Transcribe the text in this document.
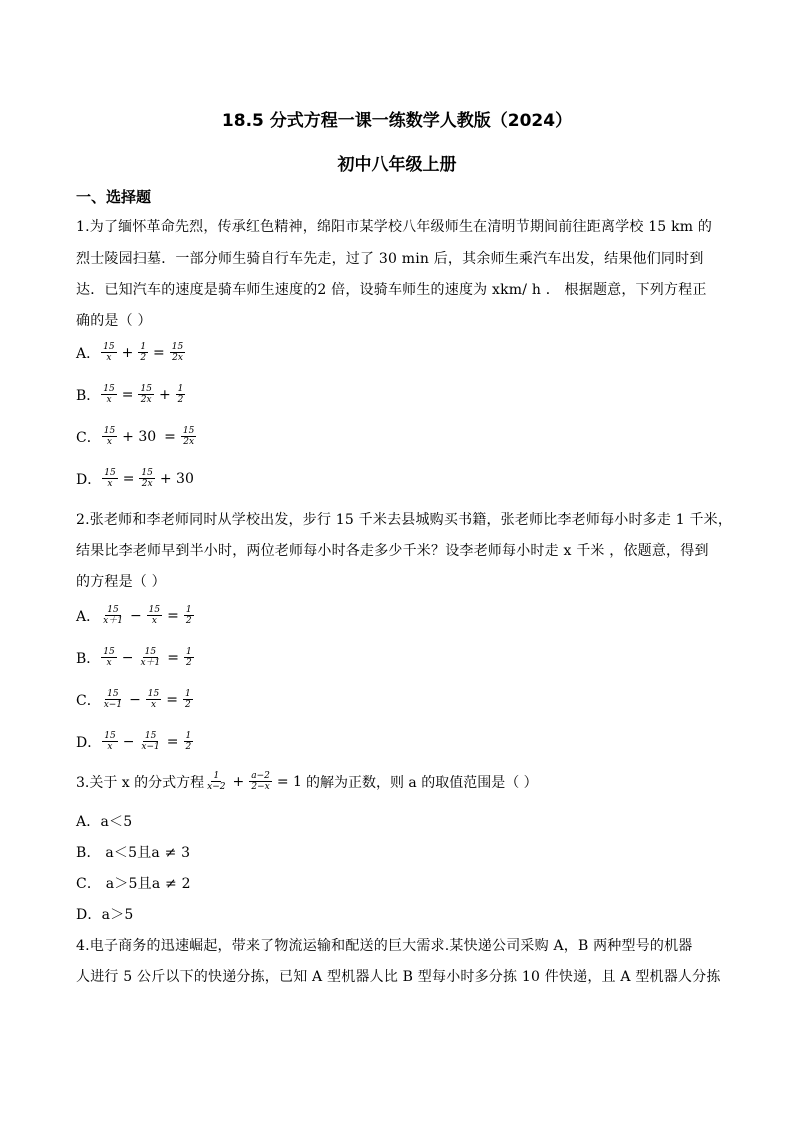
18.5 分式方程一课一练数学人教版（2024）
初中八年级上册
一、选择题
1.为了缅怀革命先烈，传承红色精神，绵阳市某学校八年级师生在清明节期间前往距离学校 15 km 的
烈士陵园扫墓．一部分师生骑自行车先走，过了 30 min 后，其余师生乘汽车出发，结果他们同时到
达．已知汽车的速度是骑车师生速度的2 倍，设骑车师生的速度为 xkm/ h ． 根据题意，下列方程正
确的是（ ）
A． $\frac{15}{x} + \frac{1}{2} = \frac{15}{2x}$
B． $\frac{15}{x} = \frac{15}{2x} + \frac{1}{2}$
C． $\frac{15}{x} + 30 = \frac{15}{2x}$
D． $\frac{15}{x} = \frac{15}{2x} + 30$
2.张老师和李老师同时从学校出发，步行 15 千米去县城购买书籍，张老师比李老师每小时多走 1 千米，
结果比李老师早到半小时，两位老师每小时各走多少千米？设李老师每小时走 x 千米 ，依题意，得到
的方程是（ ）
A． $\frac{15}{x+1} - \frac{15}{x} = \frac{1}{2}$
B． $\frac{15}{x} - \frac{15}{x+1} = \frac{1}{2}$
C． $\frac{15}{x-1} - \frac{15}{x} = \frac{1}{2}$
D． $\frac{15}{x} - \frac{15}{x-1} = \frac{1}{2}$
3.关于 x 的分式方程 $\frac{1}{x-2} + \frac{a-2}{2-x} = 1$ 的解为正数，则 a 的取值范围是（ ）
A．a＜5
B． a＜5且a ≠ 3
C． a＞5且a ≠ 2
D．a＞5
4.电子商务的迅速崛起，带来了物流运输和配送的巨大需求.某快递公司采购 A，B 两种型号的机器
人进行 5 公斤以下的快递分拣，已知 A 型机器人比 B 型每小时多分拣 10 件快递，且 A 型机器人分拣
